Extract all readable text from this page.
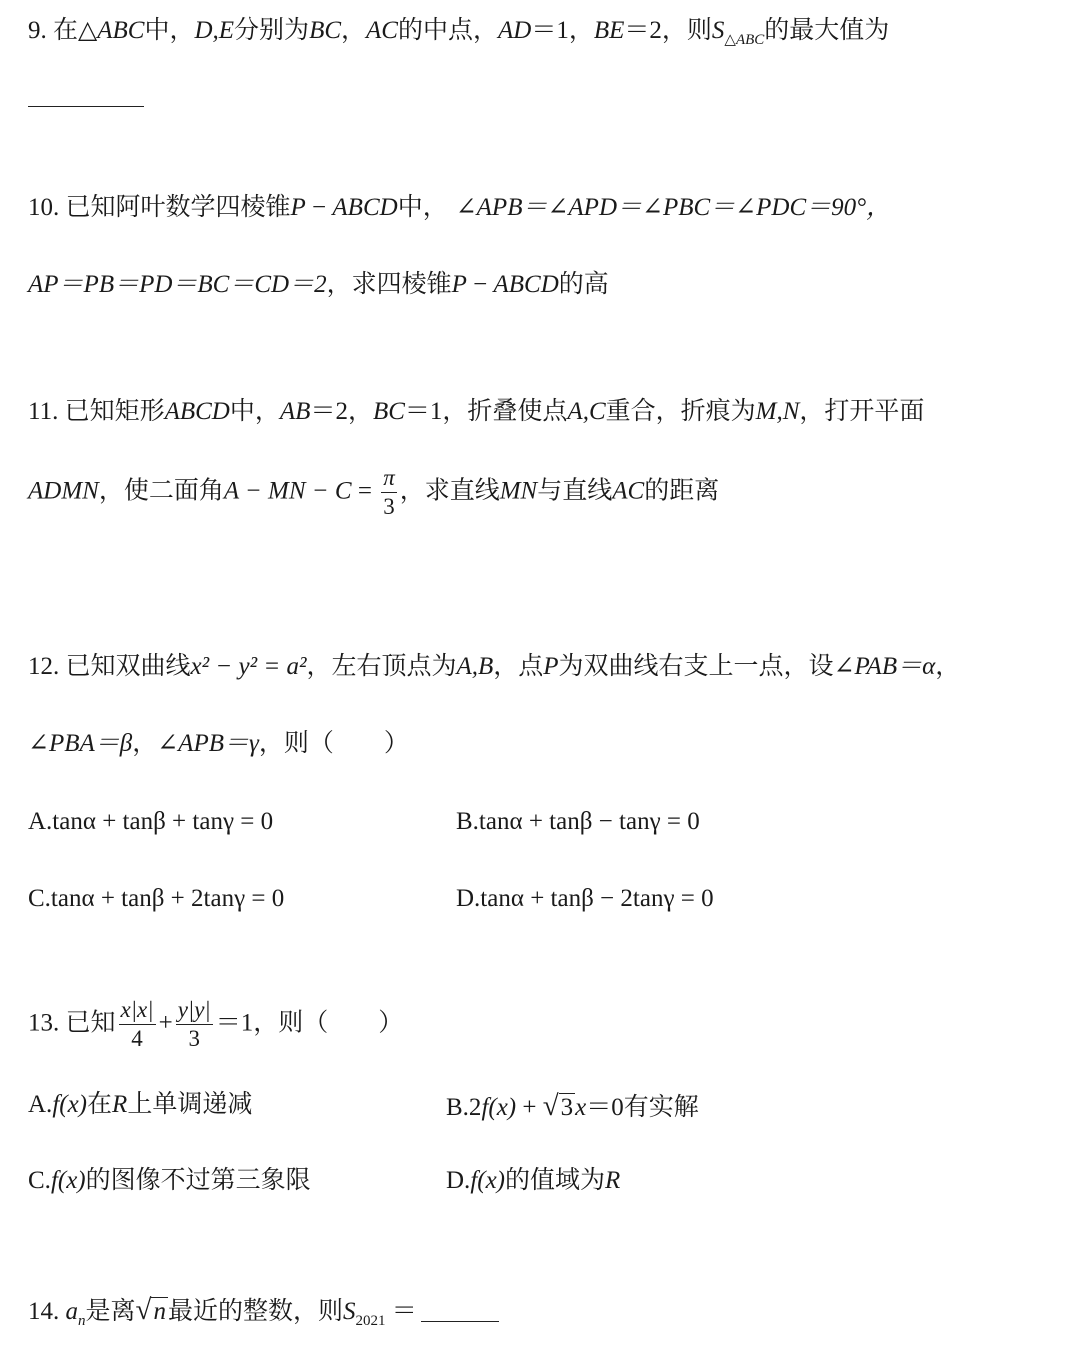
9. 在△ABC中，D,E分别为BC，AC的中点，AD＝1，BE＝2，则$S_{\triangle ABC}$的最大值为
10. 已知阿叶数学四棱锥P − ABCD中， ∠APB＝∠APD＝∠PBC＝∠PDC＝90°，
AP＝PB＝PD＝BC＝CD＝2，求四棱锥P − ABCD的高
11. 已知矩形ABCD中，AB＝2，BC＝1，折叠使点A,C重合，折痕为M,N，打开平面
ADMN，使二面角A − MN − $C = \frac{\pi}{3}$ ，求直线MN与直线AC的距离
12. 已知双曲线x² − y² = a²，左右顶点为A,B，点P为双曲线右支上一点，设∠PAB＝α，
∠PBA＝β，∠APB＝γ，则（　　）
A.tanα + tanβ + tanγ = 0	B.tanα + tanβ − tanγ = 0
C.tanα + tanβ + 2tanγ = 0	D.tanα + tanβ − 2tanγ = 0
13. 已知 $\frac{x|x|}{4} + \frac{y|y|}{3} =1$，则（　　）
A.f(x)在R上单调递减	B.2f(x) + √3x＝0有实解
C.f(x)的图像不过第三象限	D.f(x)的值域为R
14. $a_n$是离√n最近的整数，则$S_{2021}$ ＝
